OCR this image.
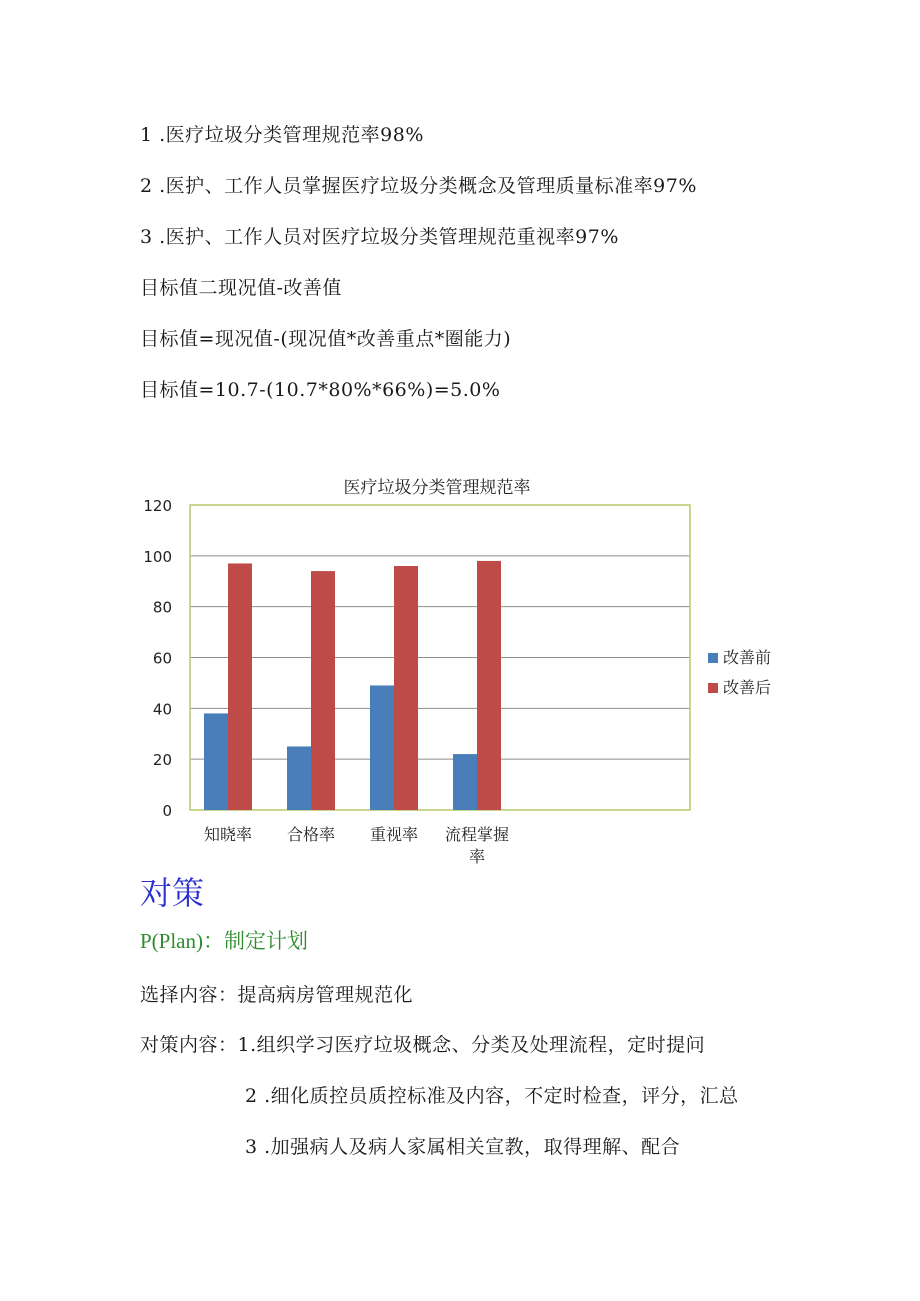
1 .医疗垃圾分类管理规范率98%
2 .医护、工作人员掌握医疗垃圾分类概念及管理质量标准率97%
3 .医护、工作人员对医疗垃圾分类管理规范重视率97%
目标值二现况值-改善值
目标值=现况值-(现况值*改善重点*圈能力)
目标值=10.7-(10.7*80%*66%)=5.0%
医疗垃圾分类管理规范率
0
20
40
60
80
100
120
知晓率 合格率 重视率 流程掌握
率
改善前
改善后
对策
P(Plan)：制定计划
选择内容：提高病房管理规范化
对策内容：1.组织学习医疗垃圾概念、分类及处理流程，定时提问
2 .细化质控员质控标准及内容，不定时检查，评分，汇总
3 .加强病人及病人家属相关宣教，取得理解、配合
